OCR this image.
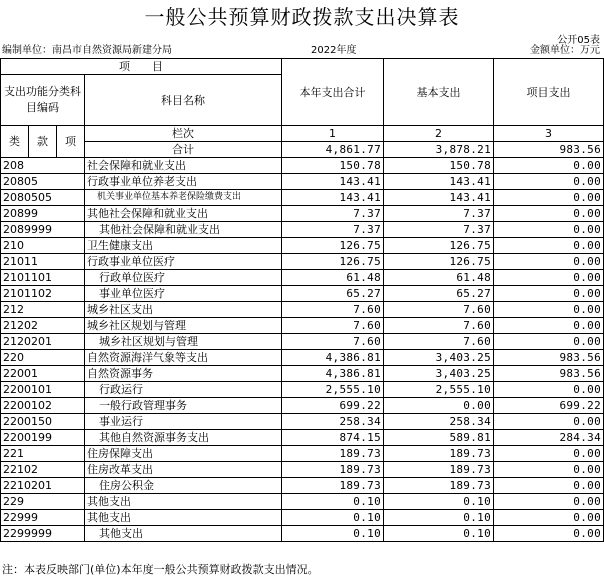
一般公共预算财政拨款支出决算表
公开05表
编制单位：南昌市自然资源局新建分局	2022年度	金额单位：万元
项　　目				本年支出合计	基本支出	项目支出
支出功能分类科目编码			科目名称			
类	款	项	栏次	1	2	3
			合计	4,861.77	3,878.21	983.56
208			社会保障和就业支出	150.78	150.78	0.00
20805			行政事业单位养老支出	143.41	143.41	0.00
2080505			机关事业单位基本养老保险缴费支出	143.41	143.41	0.00
20899			其他社会保障和就业支出	7.37	7.37	0.00
2089999			其他社会保障和就业支出	7.37	7.37	0.00
210			卫生健康支出	126.75	126.75	0.00
21011			行政事业单位医疗	126.75	126.75	0.00
2101101			行政单位医疗	61.48	61.48	0.00
2101102			事业单位医疗	65.27	65.27	0.00
212			城乡社区支出	7.60	7.60	0.00
21202			城乡社区规划与管理	7.60	7.60	0.00
2120201			城乡社区规划与管理	7.60	7.60	0.00
220			自然资源海洋气象等支出	4,386.81	3,403.25	983.56
22001			自然资源事务	4,386.81	3,403.25	983.56
2200101			行政运行	2,555.10	2,555.10	0.00
2200102			一般行政管理事务	699.22	0.00	699.22
2200150			事业运行	258.34	258.34	0.00
2200199			其他自然资源事务支出	874.15	589.81	284.34
221			住房保障支出	189.73	189.73	0.00
22102			住房改革支出	189.73	189.73	0.00
2210201			住房公积金	189.73	189.73	0.00
229			其他支出	0.10	0.10	0.00
22999			其他支出	0.10	0.10	0.00
2299999			其他支出	0.10	0.10	0.00
注：本表反映部门(单位)本年度一般公共预算财政拨款支出情况。
